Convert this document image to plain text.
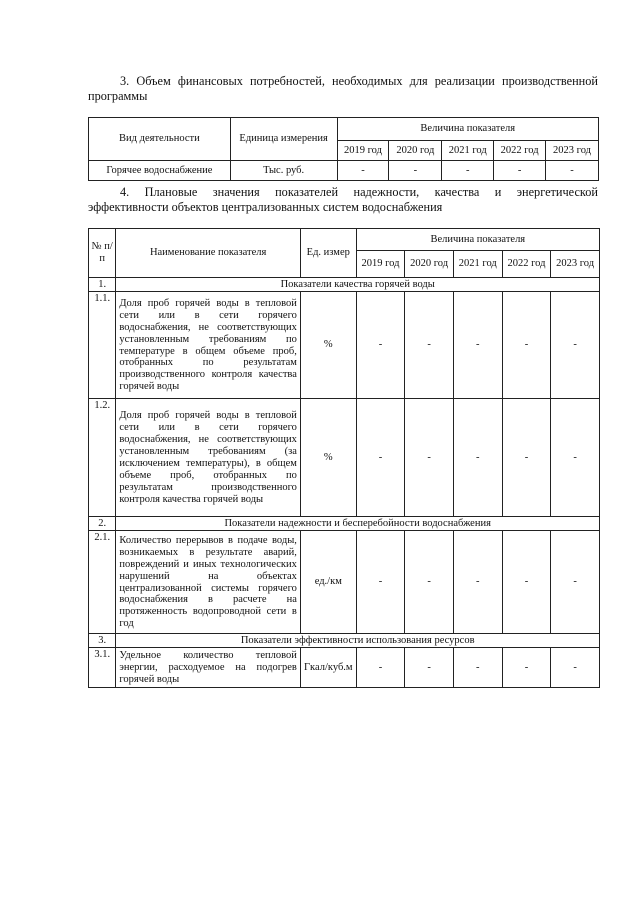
3. Объем финансовых потребностей, необходимых для реализации производственной программы

Вид деятельности	Единица измерения	Величина показателя				
		2019 год	2020 год	2021 год	2022 год	2023 год
Горячее водоснабжение	Тыс. руб.	-	-	-	-	-

4. Плановые значения показателей надежности, качества и энергетической
эффективности объектов централизованных систем водоснабжения

№ п/п	Наименование показателя	Ед. измер	Величина показателя				
			2019 год	2020 год	2021 год	2022 год	2023 год
1.	Показатели качества горячей воды						
1.1.	Доля проб горячей воды в тепловой сети или в сети горячего водоснабжения, не соответствующих установленным требованиям по температуре в общем объеме проб, отобранных по результатам производственного контроля качества горячей воды	%	-	-	-	-	-
1.2.	Доля проб горячей воды в тепловой сети или в сети горячего водоснабжения, не соответствующих установленным требованиям (за исключением температуры), в общем объеме проб, отобранных по результатам производственного контроля качества горячей воды	%	-	-	-	-	-
2.	Показатели надежности и бесперебойности водоснабжения						
2.1.	Количество перерывов в подаче воды, возникаемых в результате аварий, повреждений и иных технологических нарушений на объектах централизованной системы горячего водоснабжения в расчете на протяженность водопроводной сети в год	ед./км	-	-	-	-	-
3.	Показатели эффективности использования ресурсов						
3.1.	Удельное количество тепловой энергии, расходуемое на подогрев горячей воды	Гкал/куб.м	-	-	-	-	-
